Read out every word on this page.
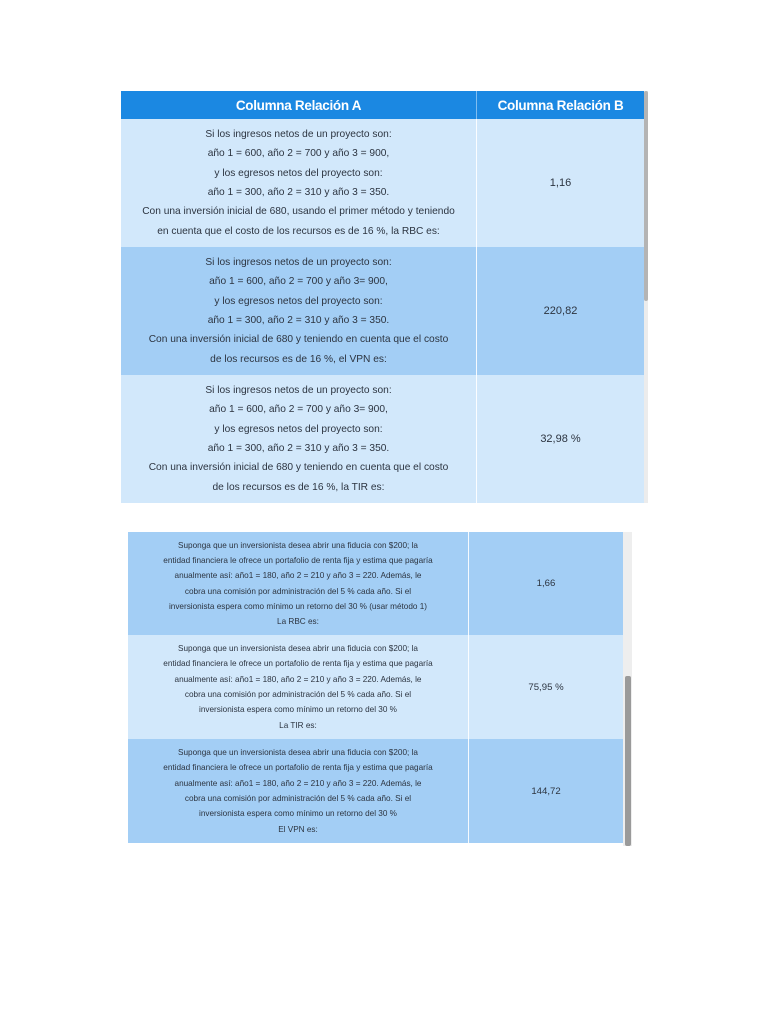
Columna Relación A	Columna Relación B
Si los ingresos netos de un proyecto son:
año 1 = 600, año 2 = 700 y año 3 = 900,
y los egresos netos del proyecto son:
año 1 = 300, año 2 = 310 y año 3 = 350.
Con una inversión inicial de 680, usando el primer método y teniendo
en cuenta que el costo de los recursos es de 16 %, la RBC es:
1,16
Si los ingresos netos de un proyecto son:
año 1 = 600, año 2 = 700 y año 3= 900,
y los egresos netos del proyecto son:
año 1 = 300, año 2 = 310 y año 3 = 350.
Con una inversión inicial de 680 y teniendo en cuenta que el costo
de los recursos es de 16 %, el VPN es:
220,82
Si los ingresos netos de un proyecto son:
año 1 = 600, año 2 = 700 y año 3= 900,
y los egresos netos del proyecto son:
año 1 = 300, año 2 = 310 y año 3 = 350.
Con una inversión inicial de 680 y teniendo en cuenta que el costo
de los recursos es de 16 %, la TIR es:
32,98 %
Suponga que un inversionista desea abrir una fiducia con $200; la
entidad financiera le ofrece un portafolio de renta fija y estima que pagaría
anualmente así: año1 = 180, año 2 = 210 y año 3 = 220. Además, le
cobra una comisión por administración del 5 % cada año. Si el
inversionista espera como mínimo un retorno del 30 % (usar método 1)
La RBC es:
1,66
Suponga que un inversionista desea abrir una fiducia con $200; la
entidad financiera le ofrece un portafolio de renta fija y estima que pagaría
anualmente así: año1 = 180, año 2 = 210 y año 3 = 220. Además, le
cobra una comisión por administración del 5 % cada año. Si el
inversionista espera como mínimo un retorno del 30 %
La TIR es:
75,95 %
Suponga que un inversionista desea abrir una fiducia con $200; la
entidad financiera le ofrece un portafolio de renta fija y estima que pagaría
anualmente así: año1 = 180, año 2 = 210 y año 3 = 220. Además, le
cobra una comisión por administración del 5 % cada año. Si el
inversionista espera como mínimo un retorno del 30 %
El VPN es:
144,72
